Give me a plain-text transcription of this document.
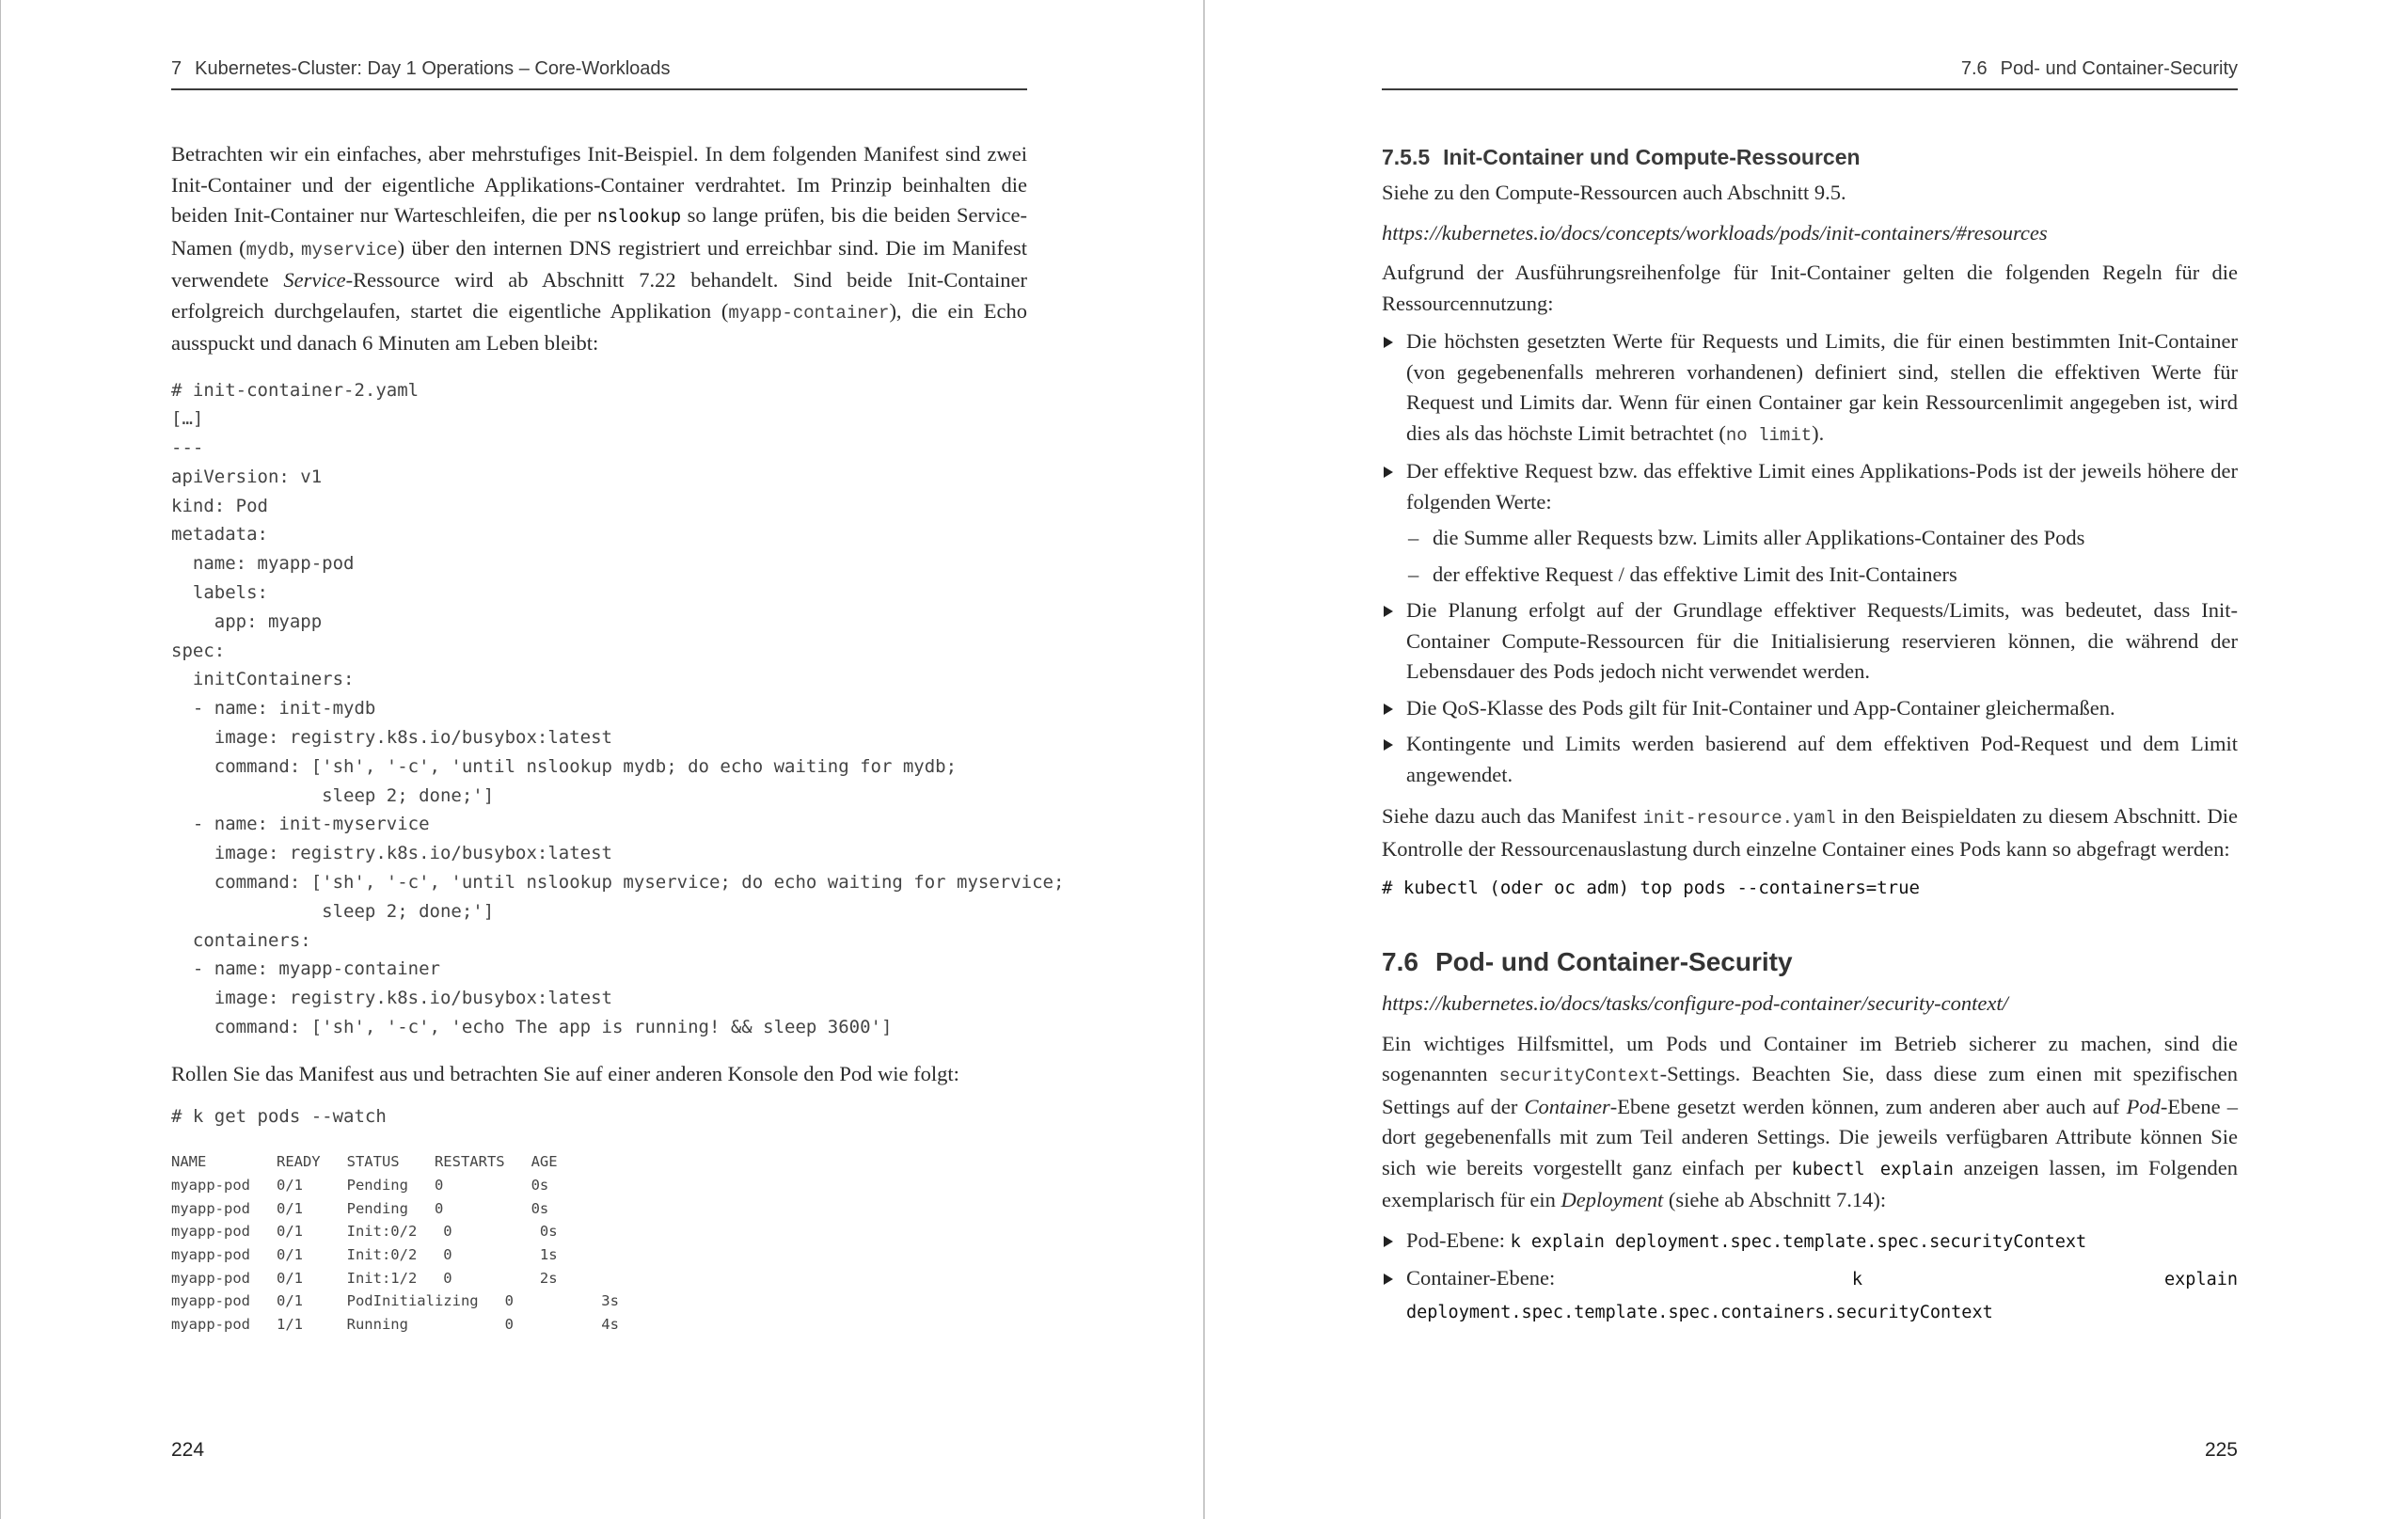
7 Kubernetes-Cluster: Day 1 Operations – Core-Workloads

Betrachten wir ein einfaches, aber mehrstufiges Init-Beispiel. In dem folgenden Manifest sind zwei Init-Container und der eigentliche Applikations-Container verdrahtet. Im Prinzip beinhalten die beiden Init-Container nur Warteschleifen, die per nslookup so lange prüfen, bis die beiden Service-Namen (mydb, myservice) über den internen DNS registriert und erreichbar sind. Die im Manifest verwendete Service-Ressource wird ab Abschnitt 7.22 behandelt. Sind beide Init-Container erfolgreich durchgelaufen, startet die eigentliche Applikation (myapp-container), die ein Echo ausspuckt und danach 6 Minuten am Leben bleibt:

# init-container-2.yaml
[…]
---
apiVersion: v1
kind: Pod
metadata:
name: myapp-pod
labels:
app: myapp
spec:
initContainers:
- name: init-mydb
image: registry.k8s.io/busybox:latest
command: ['sh', '-c', 'until nslookup mydb; do echo waiting for mydb;
sleep 2; done;']
- name: init-myservice
image: registry.k8s.io/busybox:latest
command: ['sh', '-c', 'until nslookup myservice; do echo waiting for myservice;
sleep 2; done;']
containers:
- name: myapp-container
image: registry.k8s.io/busybox:latest
command: ['sh', '-c', 'echo The app is running! && sleep 3600']

Rollen Sie das Manifest aus und betrachten Sie auf einer anderen Konsole den Pod wie folgt:

# k get pods --watch
NAME        READY   STATUS    RESTARTS   AGE
myapp-pod   0/1     Pending   0          0s
myapp-pod   0/1     Pending   0          0s
myapp-pod   0/1     Init:0/2   0          0s
myapp-pod   0/1     Init:0/2   0          1s
myapp-pod   0/1     Init:1/2   0          2s
myapp-pod   0/1     PodInitializing   0          3s
myapp-pod   1/1     Running           0          4s
224
7.6 Pod- und Container-Security
7.5.5 Init-Container und Compute-Ressourcen

Siehe zu den Compute-Ressourcen auch Abschnitt 9.5.

https://kubernetes.io/docs/concepts/workloads/pods/init-containers/#resources

Aufgrund der Ausführungsreihenfolge für Init-Container gelten die folgenden Regeln für die Ressourcennutzung:

Die höchsten gesetzten Werte für Requests und Limits, die für einen bestimmten Init-Container (von gegebenenfalls mehreren vorhandenen) definiert sind, stellen die effektiven Werte für Request und Limits dar. Wenn für einen Container gar kein Ressourcenlimit angegeben ist, wird dies als das höchste Limit betrachtet (no limit).
Der effektive Request bzw. das effektive Limit eines Applikations-Pods ist der jeweils höhere der folgenden Werte:
– die Summe aller Requests bzw. Limits aller Applikations-Container des Pods
– der effektive Request / das effektive Limit des Init-Containers
Die Planung erfolgt auf der Grundlage effektiver Requests/Limits, was bedeutet, dass Init-Container Compute-Ressourcen für die Initialisierung reservieren können, die während der Lebensdauer des Pods jedoch nicht verwendet werden.
Die QoS-Klasse des Pods gilt für Init-Container und App-Container gleichermaßen.
Kontingente und Limits werden basierend auf dem effektiven Pod-Request und dem Limit angewendet.

Siehe dazu auch das Manifest init-resource.yaml in den Beispieldaten zu diesem Abschnitt. Die Kontrolle der Ressourcenauslastung durch einzelne Container eines Pods kann so abgefragt werden:

# kubectl (oder oc adm) top pods --containers=true

7.6 Pod- und Container-Security

https://kubernetes.io/docs/tasks/configure-pod-container/security-context/

Ein wichtiges Hilfsmittel, um Pods und Container im Betrieb sicherer zu machen, sind die sogenannten securityContext-Settings. Beachten Sie, dass diese zum einen mit spezifischen Settings auf der Container-Ebene gesetzt werden können, zum anderen aber auch auf Pod-Ebene – dort gegebenenfalls mit zum Teil anderen Settings. Die jeweils verfügbaren Attribute können Sie sich wie bereits vorgestellt ganz einfach per kubectl explain anzeigen lassen, im Folgenden exemplarisch für ein Deployment (siehe ab Abschnitt 7.14):

Pod-Ebene: k explain deployment.spec.template.spec.securityContext
Container-Ebene: k explain deployment.spec.template.spec.containers.securityContext
225
